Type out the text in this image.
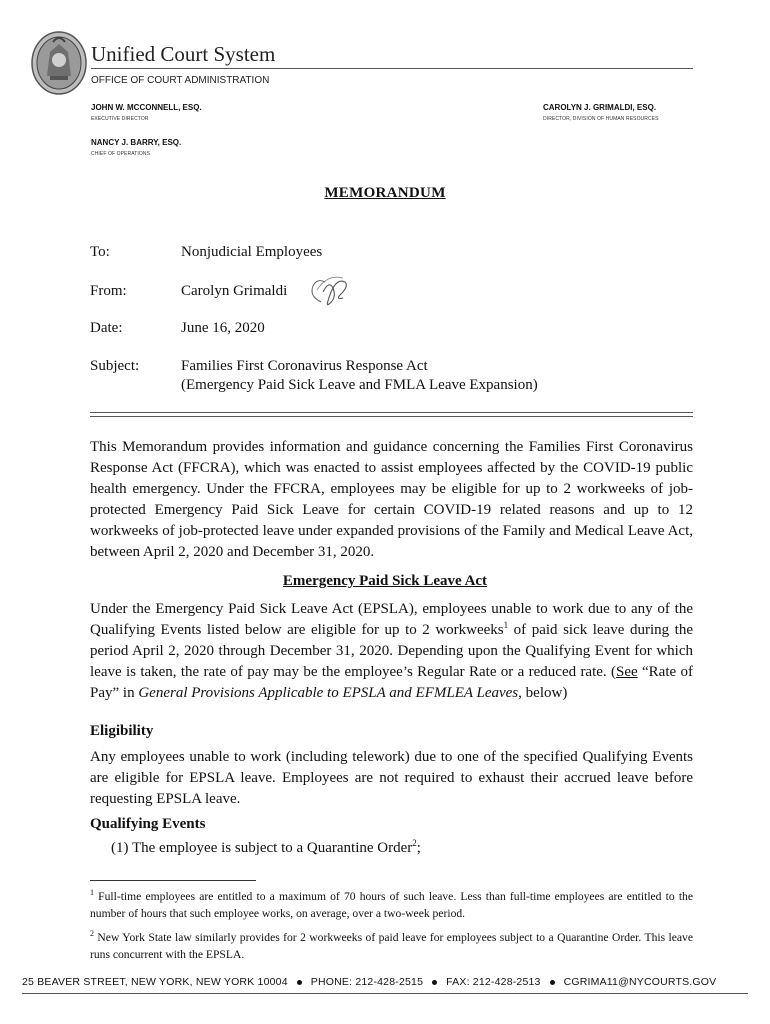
Unified Court System
OFFICE OF COURT ADMINISTRATION
JOHN W. MCCONNELL, ESQ.
EXECUTIVE DIRECTOR
CAROLYN J. GRIMALDI, ESQ.
DIRECTOR, DIVISION OF HUMAN RESOURCES
NANCY J. BARRY, ESQ.
CHIEF OF OPERATIONS
MEMORANDUM
To:	Nonjudicial Employees
From:	Carolyn Grimaldi
Date:	June 16, 2020
Subject:	Families First Coronavirus Response Act
(Emergency Paid Sick Leave and FMLA Leave Expansion)

This Memorandum provides information and guidance concerning the Families First Coronavirus Response Act (FFCRA), which was enacted to assist employees affected by the COVID-19 public health emergency. Under the FFCRA, employees may be eligible for up to 2 workweeks of job-protected Emergency Paid Sick Leave for certain COVID-19 related reasons and up to 12 workweeks of job-protected leave under expanded provisions of the Family and Medical Leave Act, between April 2, 2020 and December 31, 2020.

Emergency Paid Sick Leave Act

Under the Emergency Paid Sick Leave Act (EPSLA), employees unable to work due to any of the Qualifying Events listed below are eligible for up to 2 workweeks$^1$ of paid sick leave during the period April 2, 2020 through December 31, 2020. Depending upon the Qualifying Event for which leave is taken, the rate of pay may be the employee’s Regular Rate or a reduced rate. (See “Rate of Pay” in General Provisions Applicable to EPSLA and EFMLEA Leaves, below)

Eligibility

Any employees unable to work (including telework) due to one of the specified Qualifying Events are eligible for EPSLA leave. Employees are not required to exhaust their accrued leave before requesting EPSLA leave.

Qualifying Events
(1) The employee is subject to a Quarantine Order$^2$;

$^1$ Full-time employees are entitled to a maximum of 70 hours of such leave. Less than full-time employees are entitled to the number of hours that such employee works, on average, over a two-week period.

$^2$ New York State law similarly provides for 2 workweeks of paid leave for employees subject to a Quarantine Order. This leave runs concurrent with the EPSLA.

25 BEAVER STREET, NEW YORK, NEW YORK 10004 PHONE: 212-428-2515 FAX: 212-428-2513 CGRIMA11@NYCOURTS.GOV
